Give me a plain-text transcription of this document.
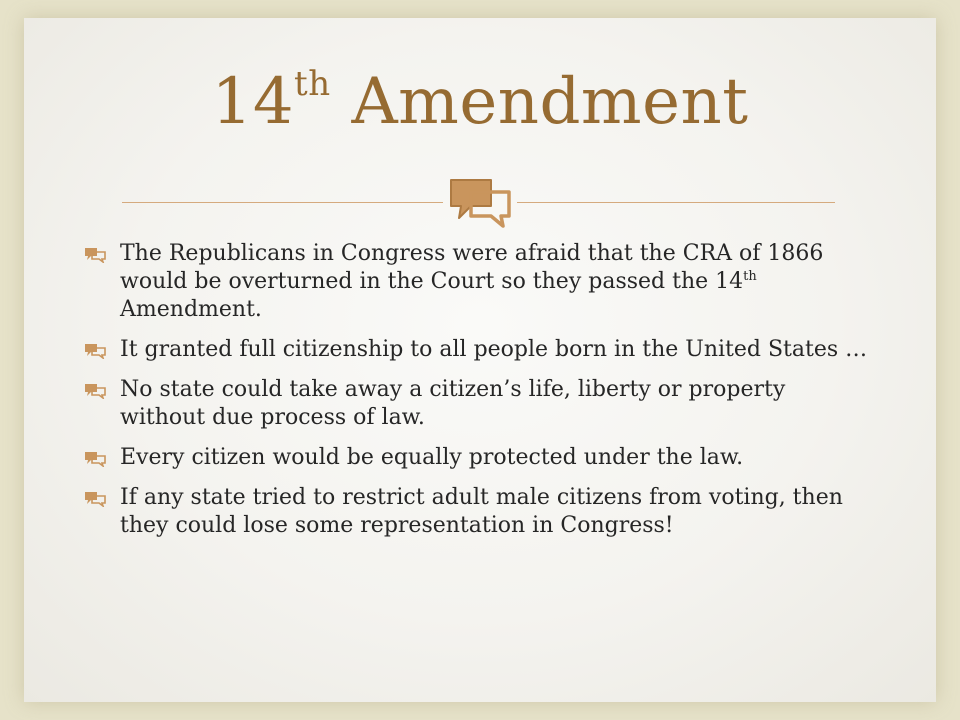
14th Amendment
The Republicans in Congress were afraid that the CRA of 1866 would be overturned in the Court so they passed the 14th Amendment.
It granted full citizenship to all people born in the United States …
No state could take away a citizen’s life, liberty or property without due process of law.
Every citizen would be equally protected under the law.
If any state tried to restrict adult male citizens from voting, then they could lose some representation in Congress!
